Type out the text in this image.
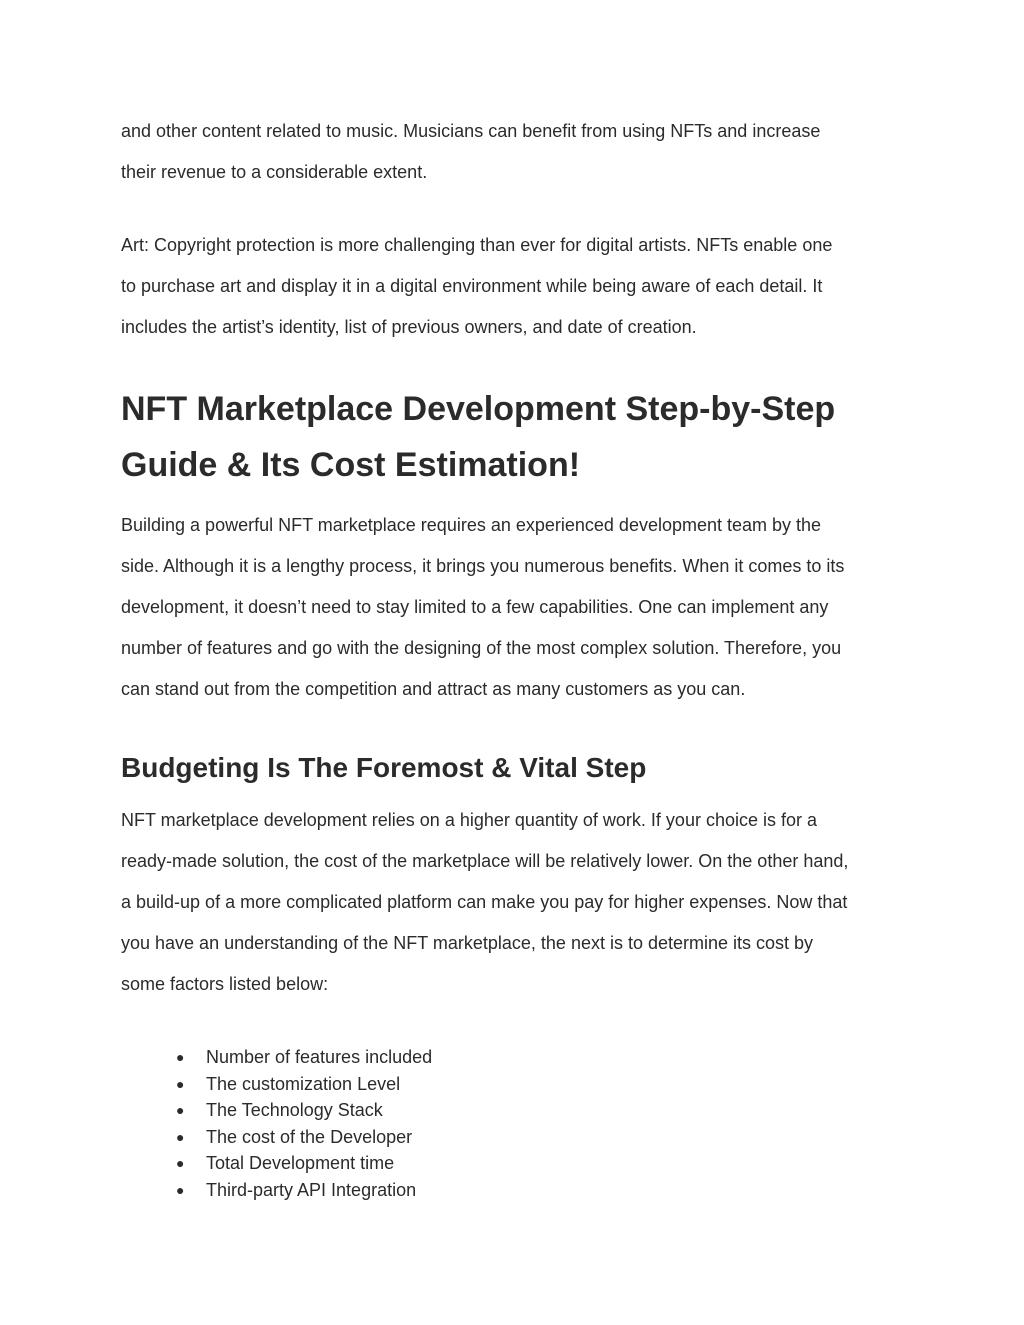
and other content related to music. Musicians can benefit from using NFTs and increase
their revenue to a considerable extent.

Art: Copyright protection is more challenging than ever for digital artists. NFTs enable one
to purchase art and display it in a digital environment while being aware of each detail. It
includes the artist’s identity, list of previous owners, and date of creation.

NFT Marketplace Development Step-by-Step
Guide & Its Cost Estimation!

Building a powerful NFT marketplace requires an experienced development team by the
side. Although it is a lengthy process, it brings you numerous benefits. When it comes to its
development, it doesn’t need to stay limited to a few capabilities. One can implement any
number of features and go with the designing of the most complex solution. Therefore, you
can stand out from the competition and attract as many customers as you can.

Budgeting Is The Foremost & Vital Step

NFT marketplace development relies on a higher quantity of work. If your choice is for a
ready-made solution, the cost of the marketplace will be relatively lower. On the other hand,
a build-up of a more complicated platform can make you pay for higher expenses. Now that
you have an understanding of the NFT marketplace, the next is to determine its cost by
some factors listed below:

● Number of features included
● The customization Level
● The Technology Stack
● The cost of the Developer
● Total Development time
● Third-party API Integration
